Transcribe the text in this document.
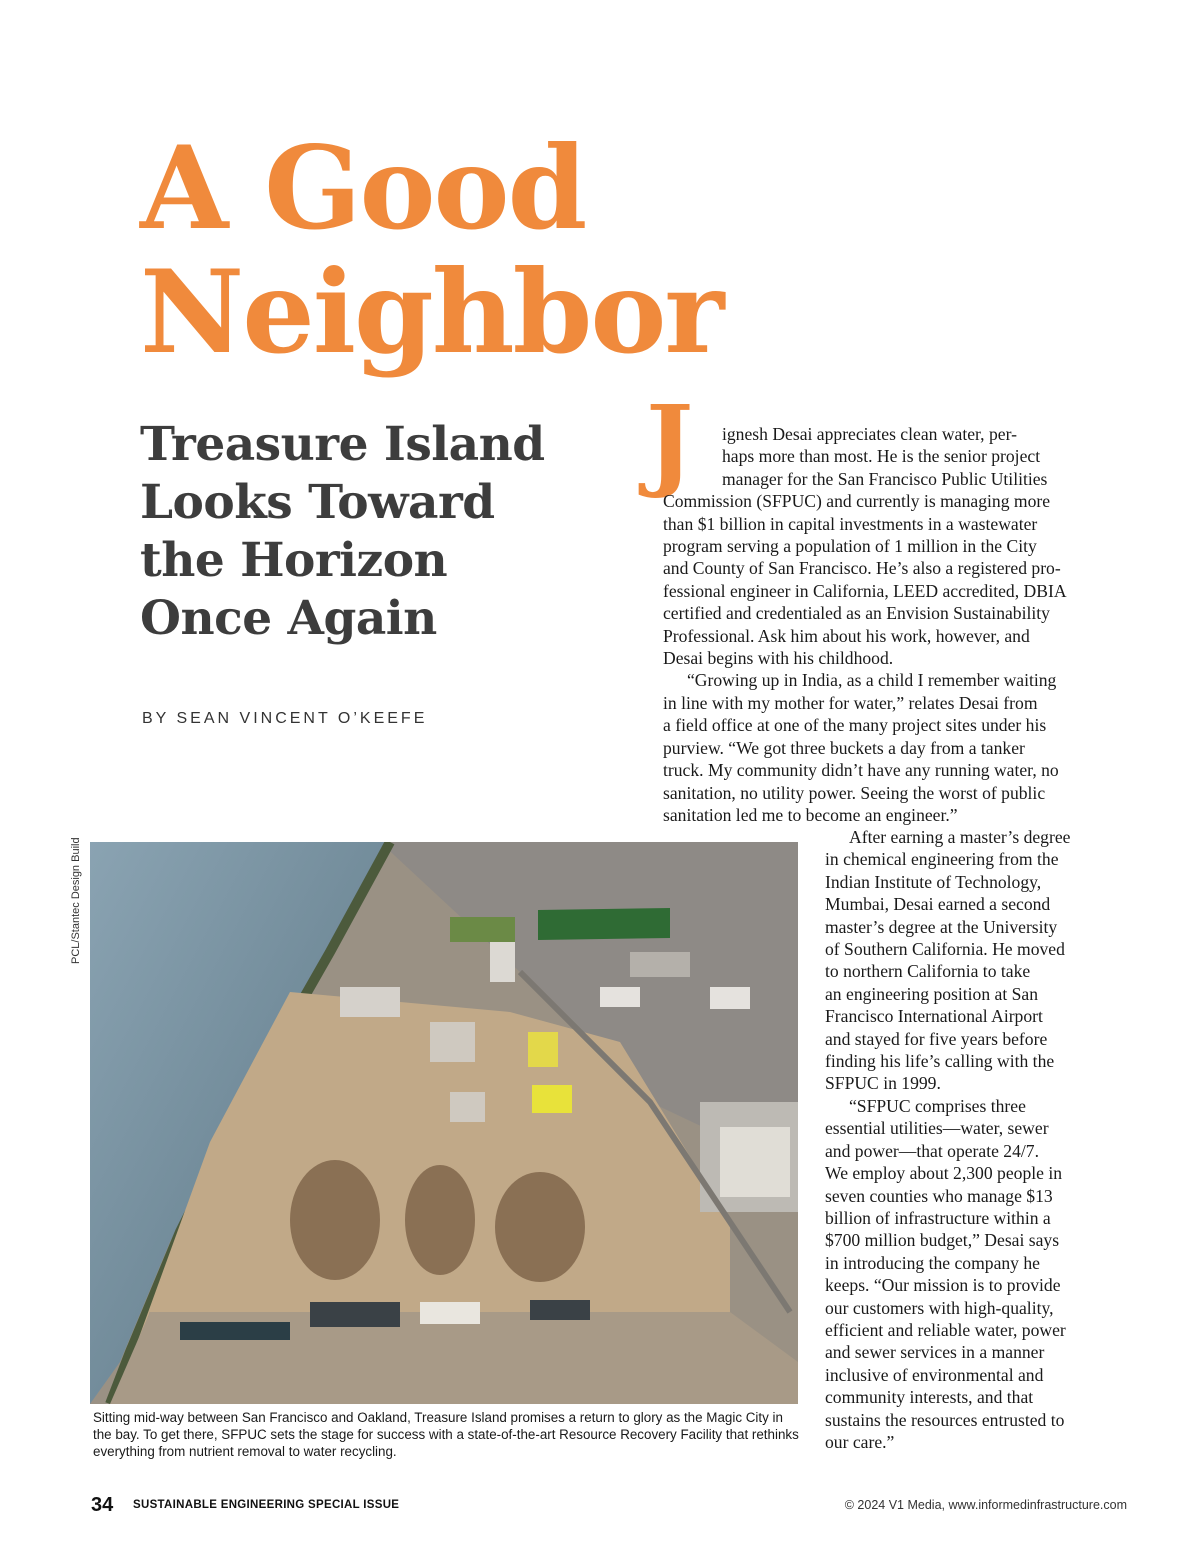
A Good
Neighbor
Treasure Island
Looks Toward
the Horizon
Once Again
BY SEAN VINCENT O’KEEFE
J ignesh Desai appreciates clean water, per-
haps more than most. He is the senior project
manager for the San Francisco Public Utilities

Commission (SFPUC) and currently is managing more
than $1 billion in capital investments in a wastewater
program serving a population of 1 million in the City
and County of San Francisco. He’s also a registered pro-
fessional engineer in California, LEED accredited, DBIA
certified and credentialed as an Envision Sustainability
Professional. Ask him about his work, however, and
Desai begins with his childhood.

“Growing up in India, as a child I remember waiting
in line with my mother for water,” relates Desai from
a field office at one of the many project sites under his
purview. “We got three buckets a day from a tanker
truck. My community didn’t have any running water, no
sanitation, no utility power. Seeing the worst of public
sanitation led me to become an engineer.”

After earning a master’s degree
in chemical engineering from the
Indian Institute of Technology,
Mumbai, Desai earned a second
master’s degree at the University
of Southern California. He moved
to northern California to take
an engineering position at San
Francisco International Airport
and stayed for five years before
finding his life’s calling with the
SFPUC in 1999.

“SFPUC comprises three
essential utilities—water, sewer
and power—that operate 24/7.
We employ about 2,300 people in
seven counties who manage $13
billion of infrastructure within a
$700 million budget,” Desai says
in introducing the company he
keeps. “Our mission is to provide
our customers with high-quality,
efficient and reliable water, power
and sewer services in a manner
inclusive of environmental and
community interests, and that
sustains the resources entrusted to
our care.”

PCL/Stantec Design Build
Sitting mid-way between San Francisco and Oakland, Treasure Island promises a return to glory as the Magic City in
the bay. To get there, SFPUC sets the stage for success with a state-of-the-art Resource Recovery Facility that rethinks
everything from nutrient removal to water recycling.
34 SUSTAINABLE ENGINEERING SPECIAL ISSUE	© 2024 V1 Media, www.informedinfrastructure.com
